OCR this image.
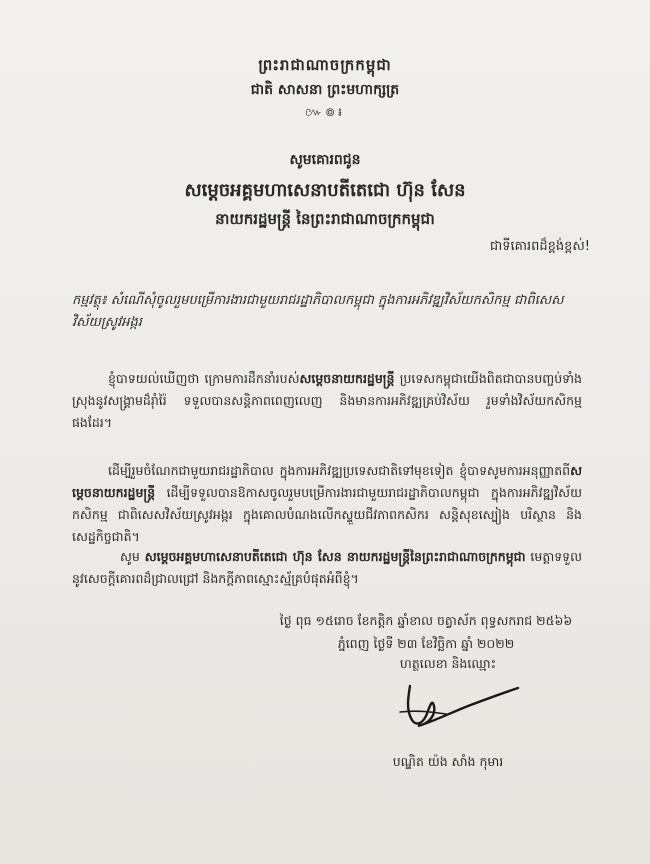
ព្រះរាជាណាចក្រកម្ពុជា
ជាតិ សាសនា ព្រះមហាក្សត្រ
៚៙៛
សូមគោរពជូន
សម្តេចអគ្គមហាសេនាបតីតេជោ ហ៊ុន សែន
នាយករដ្ឋមន្ត្រី នៃព្រះរាជាណាចក្រកម្ពុជា
ជាទីគោរពដ៏ខ្ពង់ខ្ពស់!
កម្មវត្ថុ៖ សំណើសុំចូលរួមបម្រើការងារជាមួយរាជរដ្ឋាភិបាលកម្ពុជា ក្នុងការអភិវឌ្ឍវិស័យកសិកម្ម ជាពិសេសវិស័យស្រូវអង្ករ
ខ្ញុំបាទយល់ឃើញថា ក្រោមការដឹកនាំរបស់សម្តេចនាយករដ្ឋមន្ត្រី ប្រទេសកម្ពុជាយើងពិតជាបានបញ្ចប់ទាំងស្រុងនូវសង្គ្រាមដ៏រ៉ាំរ៉ៃ ទទួលបានសន្តិភាពពេញលេញ និងមានការអភិវឌ្ឍគ្រប់វិស័យ រួមទាំងវិស័យកសិកម្មផងដែរ។
ដើម្បីរួមចំណែកជាមួយរាជរដ្ឋាភិបាល ក្នុងការអភិវឌ្ឍប្រទេសជាតិទៅមុខទៀត ខ្ញុំបាទសូមការអនុញ្ញាតពីសម្តេចនាយករដ្ឋមន្ត្រី ដើម្បីទទួលបានឱកាសចូលរួមបម្រើការងារជាមួយរាជរដ្ឋាភិបាលកម្ពុជា ក្នុងការអភិវឌ្ឍវិស័យកសិកម្ម ជាពិសេសវិស័យស្រូវអង្ករ ក្នុងគោលបំណងលើកស្ទួយជីវភាពកសិករ សន្តិសុខស្បៀង បរិស្ថាន និងសេដ្ឋកិច្ចជាតិ។
សូម សម្តេចអគ្គមហាសេនាបតីតេជោ ហ៊ុន សែន នាយករដ្ឋមន្ត្រីនៃព្រះរាជាណាចក្រកម្ពុជា មេត្តាទទួលនូវសេចក្តីគោរពដ៏ជ្រាលជ្រៅ និងកក្តីភាពស្មោះស្ម័គ្របំផុតអំពីខ្ញុំ។
ថ្ងៃ ពុធ ១៥រោច ខែកត្តិក ឆ្នាំខាល ចត្វាស័ក ពុទ្ធសករាជ ២៥៦៦
ភ្នំពេញ ថ្ងៃទី ២៣ ខែវិច្ឆិកា ឆ្នាំ ២០២២
ហត្ថលេខា និងឈ្មោះ
បណ្ឌិត យ៉ង សាំង កុមារ
